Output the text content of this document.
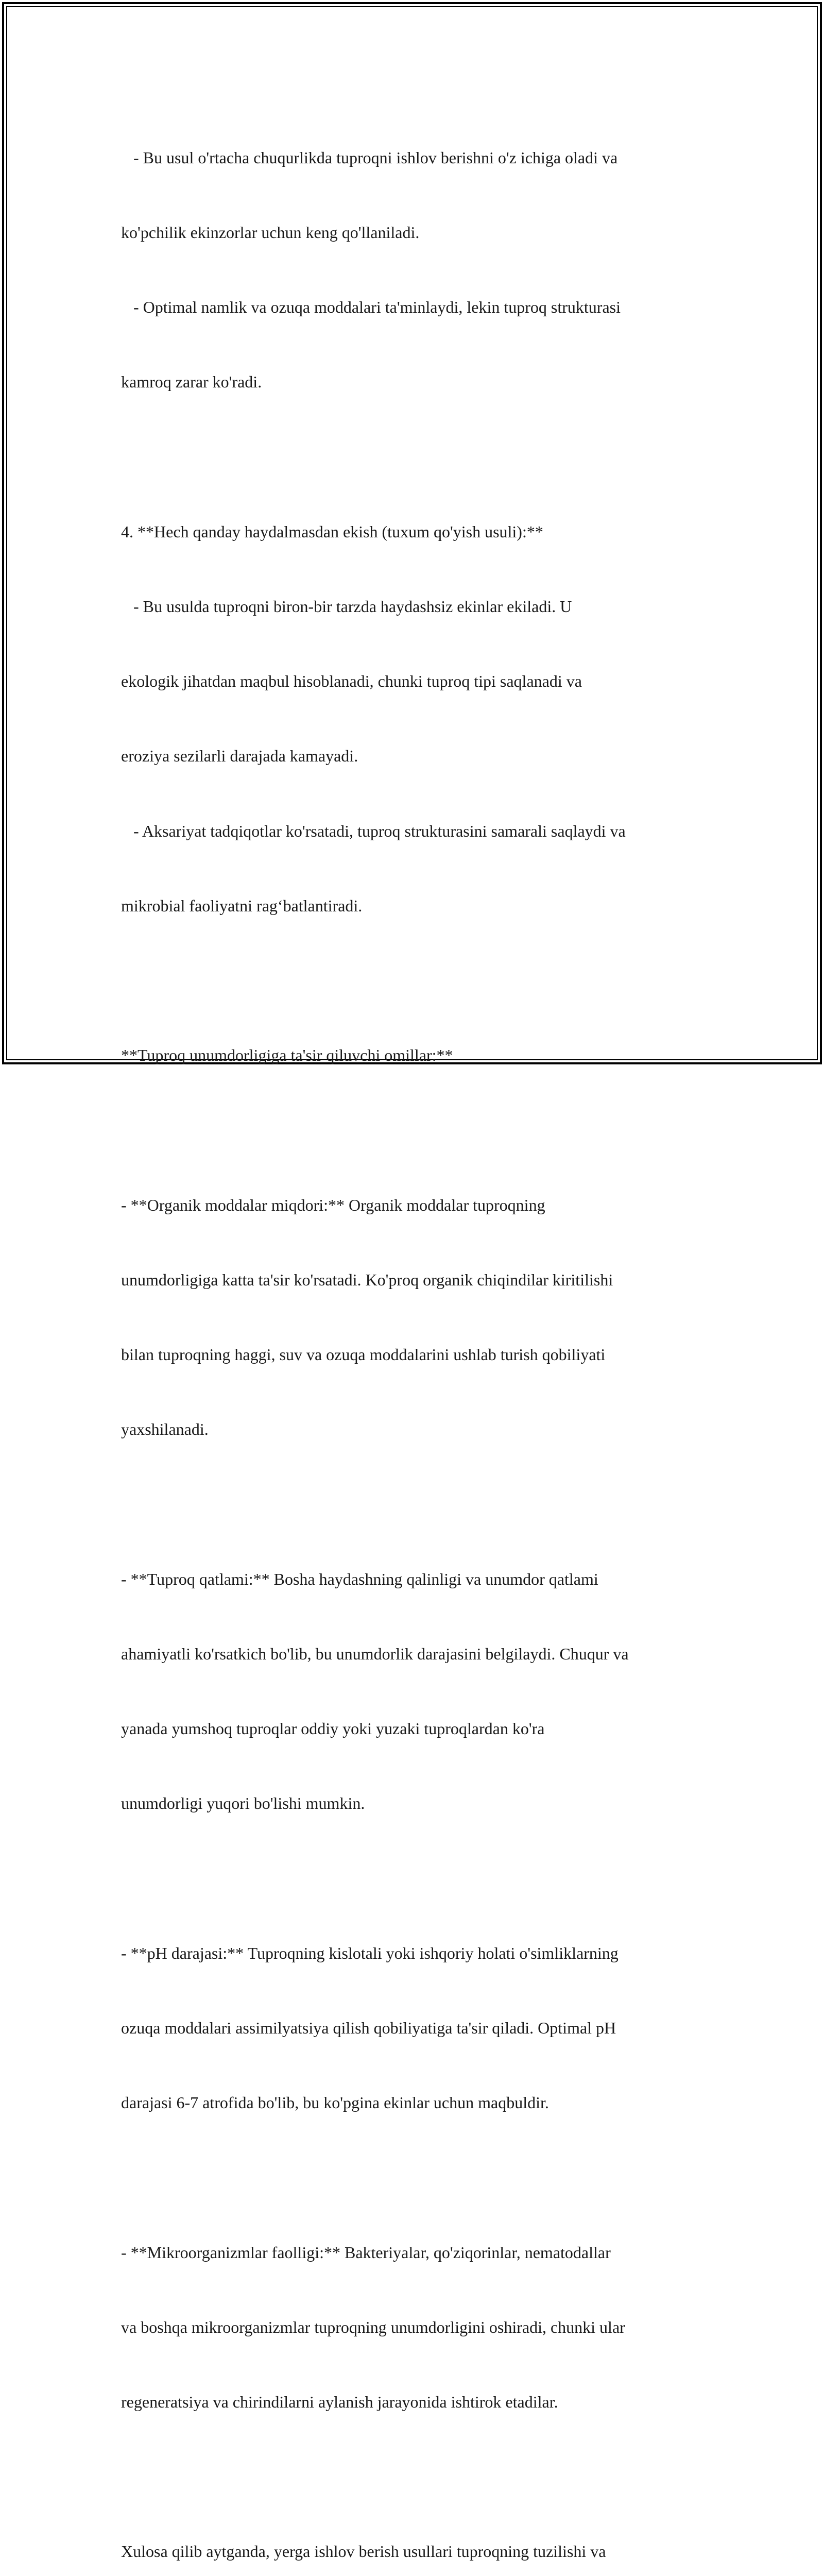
- Bu usul o'rtacha chuqurlikda tuproqni ishlov berishni o'z ichiga oladi va

ko'pchilik ekinzorlar uchun keng qo'llaniladi.

- Optimal namlik va ozuqa moddalari ta'minlaydi, lekin tuproq strukturasi

kamroq zarar ko'radi.

4. **Hech qanday haydalmasdan ekish (tuxum qo'yish usuli):**

- Bu usulda tuproqni biron-bir tarzda haydashsiz ekinlar ekiladi. U

ekologik jihatdan maqbul hisoblanadi, chunki tuproq tipi saqlanadi va

eroziya sezilarli darajada kamayadi.

- Aksariyat tadqiqotlar ko'rsatadi, tuproq strukturasini samarali saqlaydi va

mikrobial faoliyatni rag‘batlantiradi.

**Tuproq unumdorligiga ta'sir qiluvchi omillar:**

- **Organik moddalar miqdori:** Organik moddalar tuproqning

unumdorligiga katta ta'sir ko'rsatadi. Ko'proq organik chiqindilar kiritilishi

bilan tuproqning haggi, suv va ozuqa moddalarini ushlab turish qobiliyati

yaxshilanadi.

- **Tuproq qatlami:** Bosha haydashning qalinligi va unumdor qatlami

ahamiyatli ko'rsatkich bo'lib, bu unumdorlik darajasini belgilaydi. Chuqur va

yanada yumshoq tuproqlar oddiy yoki yuzaki tuproqlardan ko'ra

unumdorligi yuqori bo'lishi mumkin.

- **pH darajasi:** Tuproqning kislotali yoki ishqoriy holati o'simliklarning

ozuqa moddalari assimilyatsiya qilish qobiliyatiga ta'sir qiladi. Optimal pH

darajasi 6-7 atrofida bo'lib, bu ko'pgina ekinlar uchun maqbuldir.

- **Mikroorganizmlar faolligi:** Bakteriyalar, qo'ziqorinlar, nematodallar

va boshqa mikroorganizmlar tuproqning unumdorligini oshiradi, chunki ular

regeneratsiya va chirindilarni aylanish jarayonida ishtirok etadilar.

Xulosa qilib aytganda, yerga ishlov berish usullari tuproqning tuzilishi va
